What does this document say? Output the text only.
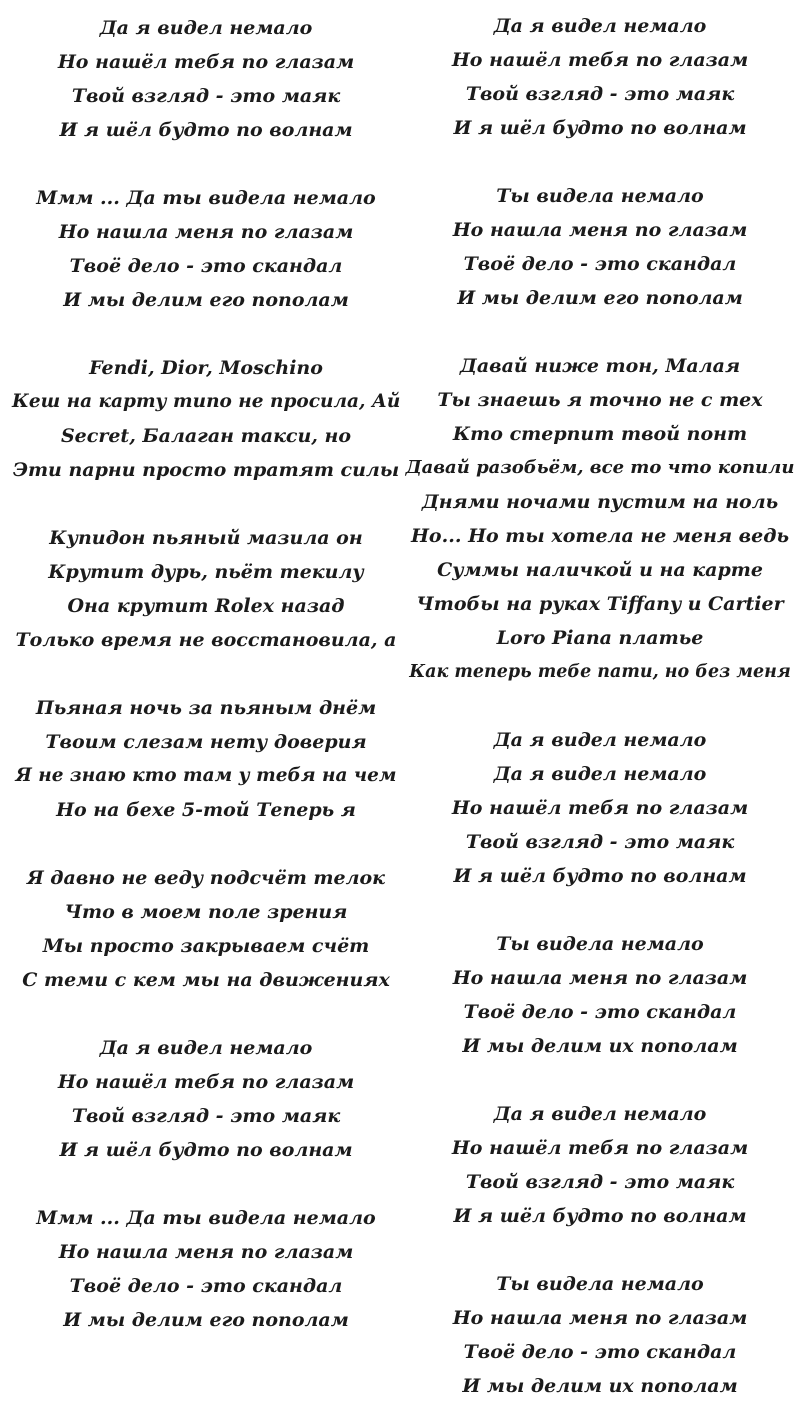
Да я видел немало
Но нашёл тебя по глазам
Твой взгляд - это маяк
И я шёл будто по волнам
Ммм ... Да ты видела немало
Но нашла меня по глазам
Твоё дело - это скандал
И мы делим его пополам
Fendi, Dior, Moschino
Кеш на карту типо не просила, Ай
Secret, Балаган такси, но
Эти парни просто тратят силы
Купидон пьяный мазила он
Крутит дурь, пьёт текилу
Она крутит Rolex назад
Только время не восстановила, а
Пьяная ночь за пьяным днём
Твоим слезам нету доверия
Я не знаю кто там у тебя на чем
Но на бехе 5-той Теперь я
Я давно не веду подсчёт телок
Что в моем поле зрения
Мы просто закрываем счёт
С теми с кем мы на движениях
Да я видел немало
Но нашёл тебя по глазам
Твой взгляд - это маяк
И я шёл будто по волнам
Ммм ... Да ты видела немало
Но нашла меня по глазам
Твоё дело - это скандал
И мы делим его пополам
Да я видел немало
Но нашёл тебя по глазам
Твой взгляд - это маяк
И я шёл будто по волнам
Ты видела немало
Но нашла меня по глазам
Твоё дело - это скандал
И мы делим его пополам
Давай ниже тон, Малая
Ты знаешь я точно не с тех
Кто стерпит твой понт
Давай разобьём, все то что копили
Днями ночами пустим на ноль
Но... Но ты хотела не меня ведь
Суммы наличкой и на карте
Чтобы на руках Tiffany и Cartier
Loro Piana платье
Как теперь тебе пати, но без меня
Да я видел немало
Да я видел немало
Но нашёл тебя по глазам
Твой взгляд - это маяк
И я шёл будто по волнам
Ты видела немало
Но нашла меня по глазам
Твоё дело - это скандал
И мы делим их пополам
Да я видел немало
Но нашёл тебя по глазам
Твой взгляд - это маяк
И я шёл будто по волнам
Ты видела немало
Но нашла меня по глазам
Твоё дело - это скандал
И мы делим их пополам
